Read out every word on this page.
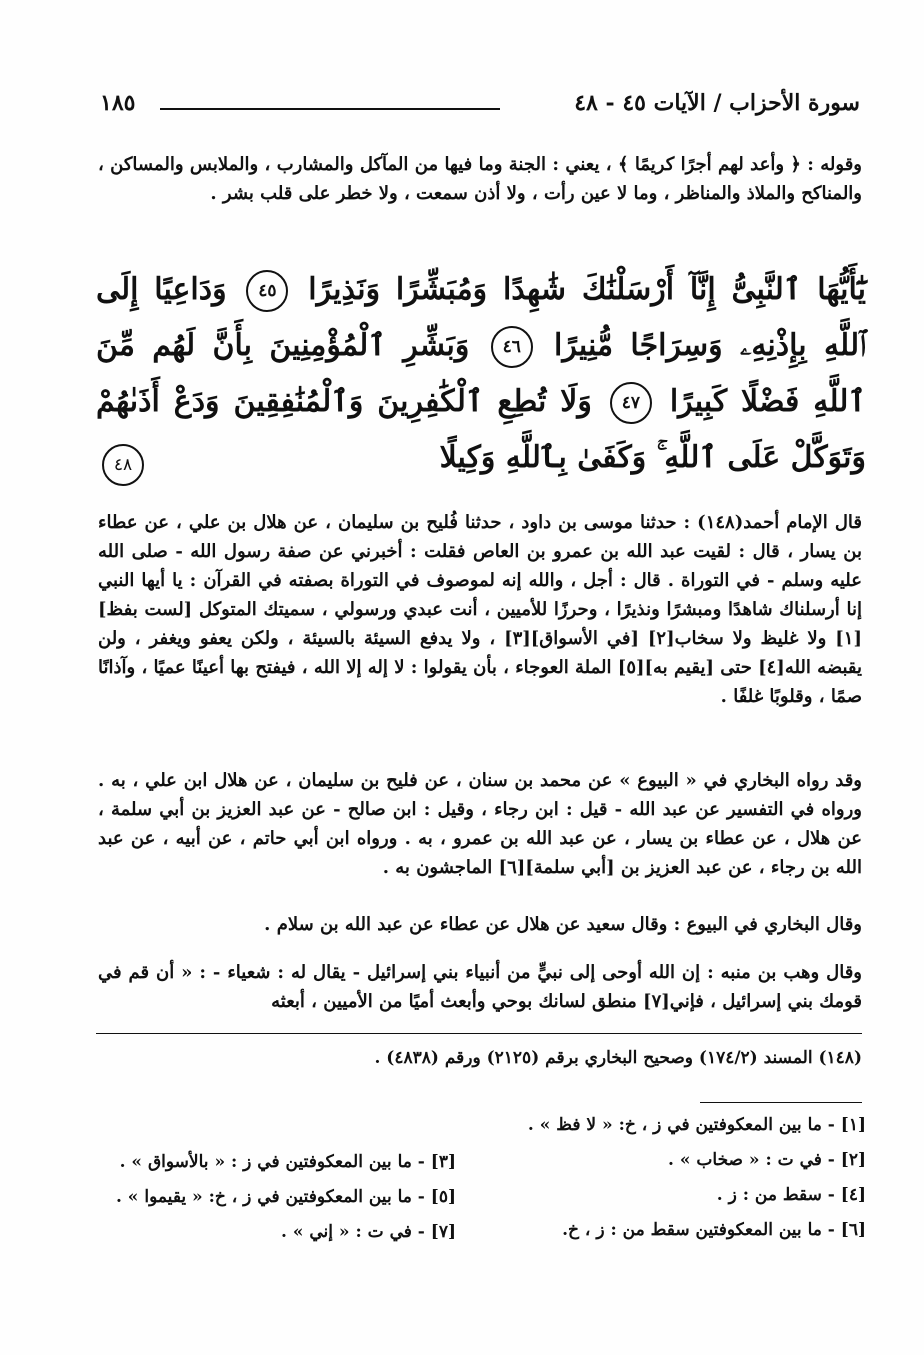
سورة الأحزاب / الآيات ٤٥ - ٤٨
١٨٥
وقوله : ﴿ وأعد لهم أجرًا كريمًا ﴾ ، يعني : الجنة وما فيها من المآكل والمشارب ، والملابس والمساكن ، والمناكح والملاذ والمناظر ، وما لا عين رأت ، ولا أذن سمعت ، ولا خطر على قلب بشر .
يَٰٓأَيُّهَا ٱلنَّبِىُّ إِنَّآ أَرْسَلْنَٰكَ شَٰهِدًا وَمُبَشِّرًا وَنَذِيرًا ٤٥ وَدَاعِيًا إِلَى ٱللَّهِ بِإِذْنِهِۦ وَسِرَاجًا مُّنِيرًا ٤٦ وَبَشِّرِ ٱلْمُؤْمِنِينَ بِأَنَّ لَهُم مِّنَ ٱللَّهِ فَضْلًا كَبِيرًا ٤٧ وَلَا تُطِعِ ٱلْكَٰفِرِينَ وَٱلْمُنَٰفِقِينَ وَدَعْ أَذَىٰهُمْ وَتَوَكَّلْ عَلَى ٱللَّهِ ۚ وَكَفَىٰ بِٱللَّهِ وَكِيلًا
٤٨
قال الإمام أحمد(١٤٨) : حدثنا موسى بن داود ، حدثنا فُليح بن سليمان ، عن هلال بن علي ، عن عطاء بن يسار ، قال : لقيت عبد الله بن عمرو بن العاص فقلت : أخبرني عن صفة رسول الله - صلى الله عليه وسلم - في التوراة . قال : أجل ، والله إنه لموصوف في التوراة بصفته في القرآن : يا أيها النبي إنا أرسلناك شاهدًا ومبشرًا ونذيرًا ، وحرزًا للأميين ، أنت عبدي ورسولي ، سميتك المتوكل [لست بفظ][١] ولا غليظ ولا سخاب[٢] [في الأسواق][٣] ، ولا يدفع السيئة بالسيئة ، ولكن يعفو ويغفر ، ولن يقبضه الله[٤] حتى [يقيم به][٥] الملة العوجاء ، بأن يقولوا : لا إله إلا الله ، فيفتح بها أعينًا عميًا ، وآذانًا صمًا ، وقلوبًا غلفًا .
وقد رواه البخاري في « البيوع » عن محمد بن سنان ، عن فليح بن سليمان ، عن هلال ابن علي ، به . ورواه في التفسير عن عبد الله - قيل : ابن رجاء ، وقيل : ابن صالح - عن عبد العزيز بن أبي سلمة ، عن هلال ، عن عطاء بن يسار ، عن عبد الله بن عمرو ، به . ورواه ابن أبي حاتم ، عن أبيه ، عن عبد الله بن رجاء ، عن عبد العزيز بن [أبي سلمة][٦] الماجشون به .
وقال البخاري في البيوع : وقال سعيد عن هلال عن عطاء عن عبد الله بن سلام .
وقال وهب بن منبه : إن الله أوحى إلى نبيٍّ من أنبياء بني إسرائيل - يقال له : شعياء - : « أن قم في قومك بني إسرائيل ، فإني[٧] منطق لسانك بوحي وأبعث أميًا من الأميين ، أبعثه
(١٤٨) المسند (١٧٤/٢) وصحيح البخاري برقم (٢١٢٥) ورقم (٤٨٣٨) .
[١] - ما بين المعكوفتين في ز ، خ: « لا فظ » .
[٢] - في ت : « صخاب » .
[٣] - ما بين المعكوفتين في ز : « بالأسواق » .
[٤] - سقط من : ز .
[٥] - ما بين المعكوفتين في ز ، خ: « يقيموا » .
[٦] - ما بين المعكوفتين سقط من : ز ، خ.
[٧] - في ت : « إني » .
